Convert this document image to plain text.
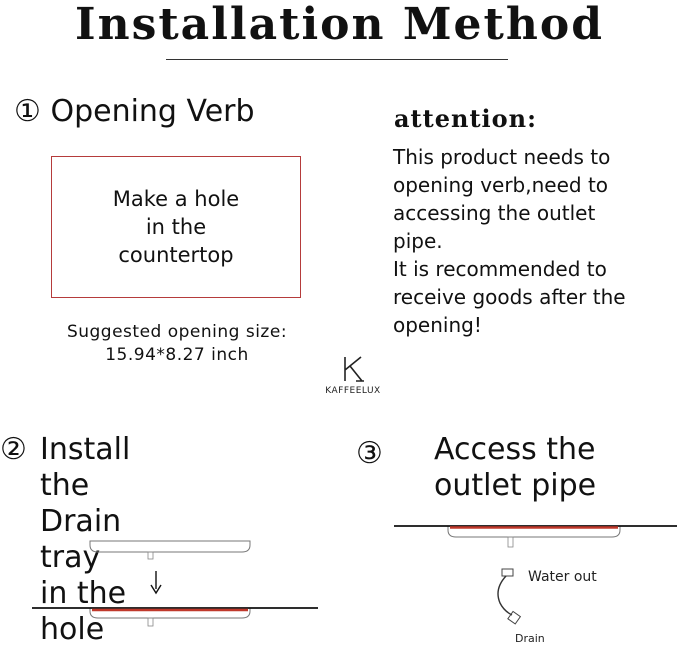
Installation Method
① Opening Verb
Make a hole
in the
countertop
Suggested opening size:
15.94*8.27 inch
attention:
This product needs to
opening verb,need to
accessing the outlet
pipe.
It is recommended to
receive goods after the
opening!
KAFFEELUX
② Install the Drain
tray in the hole
③ Access the
outlet pipe
Water out
Drain
